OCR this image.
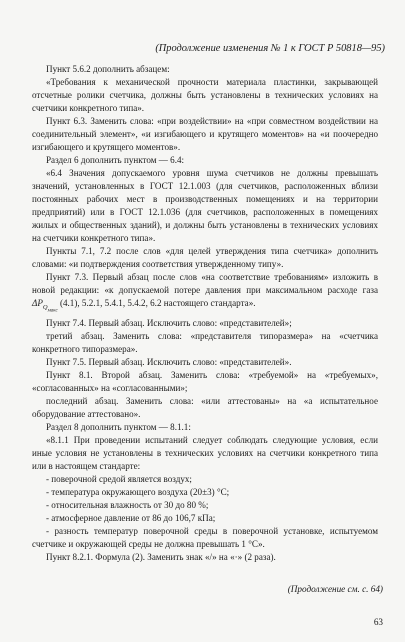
(Продолжение изменения № 1 к ГОСТ Р 50818—95)

Пункт 5.6.2 дополнить абзацем:

«Требования к механической прочности материала пластинки, закрывающей отсчетные ролики счетчика, должны быть установлены в технических условиях на счетчики конкретного типа».

Пункт 6.3. Заменить слова: «при воздействии» на «при совместном воздействии на соединительный элемент», «и изгибающего и крутящего моментов» на «и поочередно изгибающего и крутящего моментов».

Раздел 6 дополнить пунктом — 6.4:

«6.4 Значения допускаемого уровня шума счетчиков не должны превышать значений, установленных в ГОСТ 12.1.003 (для счетчиков, расположенных вблизи постоянных рабочих мест в производственных помещениях и на территории предприятий) или в ГОСТ 12.1.036 (для счетчиков, расположенных в помещениях жилых и общественных зданий), и должны быть установлены в технических условиях на счетчики конкретного типа».

Пункты 7.1, 7.2 после слов «для целей утверждения типа счетчика» дополнить словами: «и подтверждения соответствия утвержденному типу».

Пункт 7.3. Первый абзац после слов «на соответствие требованиям» изложить в новой редакции: «к допускаемой потере давления при максимальном расходе газа $\Delta P_{Q_{макс}}$ (4.1), 5.2.1, 5.4.1, 5.4.2, 6.2 настоящего стандарта».

Пункт 7.4. Первый абзац. Исключить слово: «представителей»;

третий абзац. Заменить слова: «представителя типоразмера» на «счетчика конкретного типоразмера».

Пункт 7.5. Первый абзац. Исключить слово: «представителей».

Пункт 8.1. Второй абзац. Заменить слова: «требуемой» на «требуемых», «согласованных» на «согласованными»;

последний абзац. Заменить слова: «или аттестованы» на «а испытательное оборудование аттестовано».

Раздел 8 дополнить пунктом — 8.1.1:

«8.1.1 При проведении испытаний следует соблюдать следующие условия, если иные условия не установлены в технических условиях на счетчики конкретного типа или в настоящем стандарте:

- поверочной средой является воздух;

- температура окружающего воздуха (20±3) °С;

- относительная влажность от 30 до 80 %;

- атмосферное давление от 86 до 106,7 кПа;

- разность температур поверочной среды в поверочной установке, испытуемом счетчике и окружающей среды не должна превышать 1 °С».

Пункт 8.2.1. Формула (2). Заменить знак «/» на «·» (2 раза).

(Продолжение см. с. 64)
63
